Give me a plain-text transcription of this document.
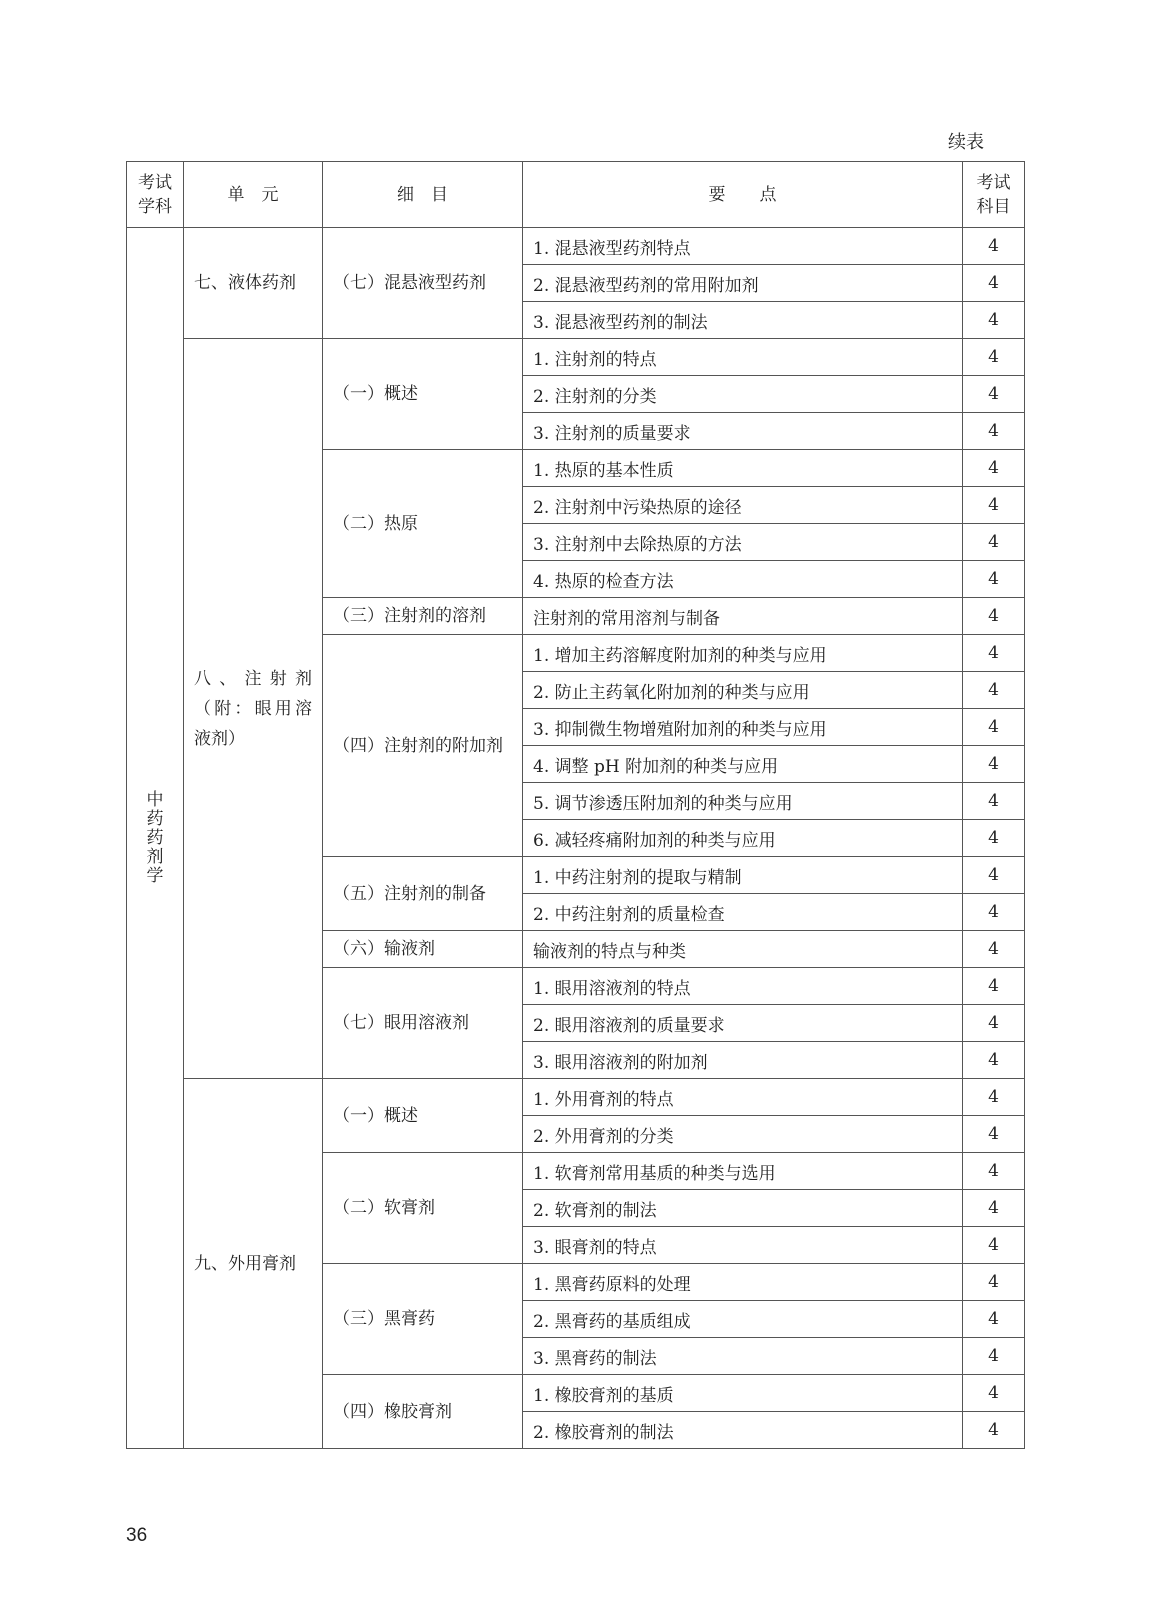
续表
考试学科	单　元	细　目	要　　点	考试科目
中药药剂学	七、液体药剂	（七）混悬液型药剂	1. 混悬液型药剂特点	4
			2. 混悬液型药剂的常用附加剂	4
			3. 混悬液型药剂的制法	4
	八、注射剂（附：眼用溶液剂）	（一）概述	1. 注射剂的特点	4
			2. 注射剂的分类	4
			3. 注射剂的质量要求	4
		（二）热原	1. 热原的基本性质	4
			2. 注射剂中污染热原的途径	4
			3. 注射剂中去除热原的方法	4
			4. 热原的检查方法	4
		（三）注射剂的溶剂	注射剂的常用溶剂与制备	4
		（四）注射剂的附加剂	1. 增加主药溶解度附加剂的种类与应用	4
			2. 防止主药氧化附加剂的种类与应用	4
			3. 抑制微生物增殖附加剂的种类与应用	4
			4. 调整 pH 附加剂的种类与应用	4
			5. 调节渗透压附加剂的种类与应用	4
			6. 减轻疼痛附加剂的种类与应用	4
		（五）注射剂的制备	1. 中药注射剂的提取与精制	4
			2. 中药注射剂的质量检查	4
		（六）输液剂	输液剂的特点与种类	4
		（七）眼用溶液剂	1. 眼用溶液剂的特点	4
			2. 眼用溶液剂的质量要求	4
			3. 眼用溶液剂的附加剂	4
	九、外用膏剂	（一）概述	1. 外用膏剂的特点	4
			2. 外用膏剂的分类	4
		（二）软膏剂	1. 软膏剂常用基质的种类与选用	4
			2. 软膏剂的制法	4
			3. 眼膏剂的特点	4
		（三）黑膏药	1. 黑膏药原料的处理	4
			2. 黑膏药的基质组成	4
			3. 黑膏药的制法	4
		（四）橡胶膏剂	1. 橡胶膏剂的基质	4
			2. 橡胶膏剂的制法	4
36
